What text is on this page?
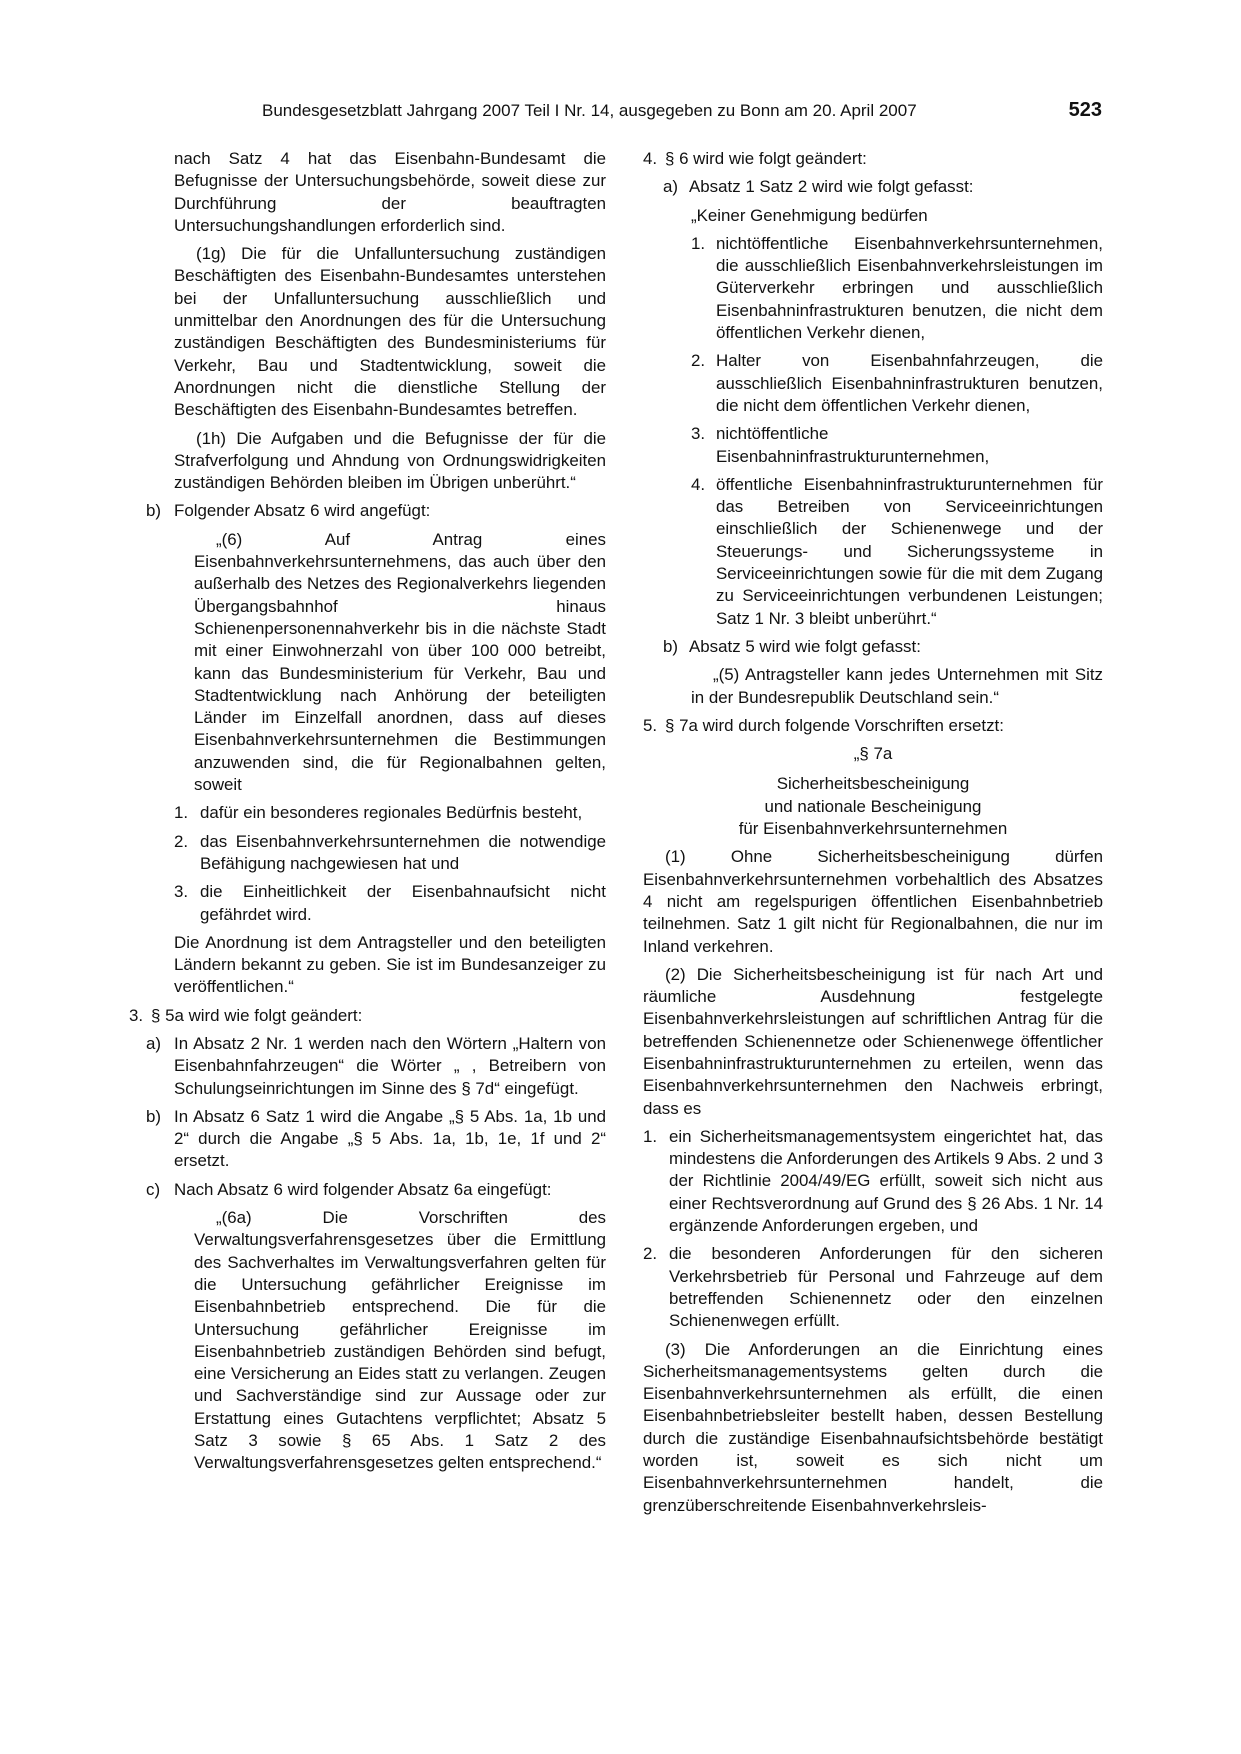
Bundesgesetzblatt Jahrgang 2007 Teil I Nr. 14, ausgegeben zu Bonn am 20. April 2007	523
nach Satz 4 hat das Eisenbahn-Bundesamt die Befugnisse der Untersuchungsbehörde, soweit diese zur Durchführung der beauftragten Untersuchungshandlungen erforderlich sind.
(1g) Die für die Unfalluntersuchung zuständigen Beschäftigten des Eisenbahn-Bundesamtes unterstehen bei der Unfalluntersuchung ausschließlich und unmittelbar den Anordnungen des für die Untersuchung zuständigen Beschäftigten des Bundesministeriums für Verkehr, Bau und Stadtentwicklung, soweit die Anordnungen nicht die dienstliche Stellung der Beschäftigten des Eisenbahn-Bundesamtes betreffen.
(1h) Die Aufgaben und die Befugnisse der für die Strafverfolgung und Ahndung von Ordnungswidrigkeiten zuständigen Behörden bleiben im Übrigen unberührt.“
b) Folgender Absatz 6 wird angefügt:
„(6) Auf Antrag eines Eisenbahnverkehrsunternehmens, das auch über den außerhalb des Netzes des Regionalverkehrs liegenden Übergangsbahnhof hinaus Schienenpersonennahverkehr bis in die nächste Stadt mit einer Einwohnerzahl von über 100 000 betreibt, kann das Bundesministerium für Verkehr, Bau und Stadtentwicklung nach Anhörung der beteiligten Länder im Einzelfall anordnen, dass auf dieses Eisenbahnverkehrsunternehmen die Bestimmungen anzuwenden sind, die für Regionalbahnen gelten, soweit
1. dafür ein besonderes regionales Bedürfnis besteht,
2. das Eisenbahnverkehrsunternehmen die notwendige Befähigung nachgewiesen hat und
3. die Einheitlichkeit der Eisenbahnaufsicht nicht gefährdet wird.
Die Anordnung ist dem Antragsteller und den beteiligten Ländern bekannt zu geben. Sie ist im Bundesanzeiger zu veröffentlichen.“
3. § 5a wird wie folgt geändert:
a) In Absatz 2 Nr. 1 werden nach den Wörtern „Haltern von Eisenbahnfahrzeugen“ die Wörter „ , Betreibern von Schulungseinrichtungen im Sinne des § 7d“ eingefügt.
b) In Absatz 6 Satz 1 wird die Angabe „§ 5 Abs. 1a, 1b und 2“ durch die Angabe „§ 5 Abs. 1a, 1b, 1e, 1f und 2“ ersetzt.
c) Nach Absatz 6 wird folgender Absatz 6a eingefügt:
„(6a) Die Vorschriften des Verwaltungsverfahrensgesetzes über die Ermittlung des Sachverhaltes im Verwaltungsverfahren gelten für die Untersuchung gefährlicher Ereignisse im Eisenbahnbetrieb entsprechend. Die für die Untersuchung gefährlicher Ereignisse im Eisenbahnbetrieb zuständigen Behörden sind befugt, eine Versicherung an Eides statt zu verlangen. Zeugen und Sachverständige sind zur Aussage oder zur Erstattung eines Gutachtens verpflichtet; Absatz 5 Satz 3 sowie § 65 Abs. 1 Satz 2 des Verwaltungsverfahrensgesetzes gelten entsprechend.“
4. § 6 wird wie folgt geändert:
a) Absatz 1 Satz 2 wird wie folgt gefasst:
„Keiner Genehmigung bedürfen
1. nichtöffentliche Eisenbahnverkehrsunternehmen, die ausschließlich Eisenbahnverkehrsleistungen im Güterverkehr erbringen und ausschließlich Eisenbahninfrastrukturen benutzen, die nicht dem öffentlichen Verkehr dienen,
2. Halter von Eisenbahnfahrzeugen, die ausschließlich Eisenbahninfrastrukturen benutzen, die nicht dem öffentlichen Verkehr dienen,
3. nichtöffentliche Eisenbahninfrastrukturunternehmen,
4. öffentliche Eisenbahninfrastrukturunternehmen für das Betreiben von Serviceeinrichtungen einschließlich der Schienenwege und der Steuerungs- und Sicherungssysteme in Serviceeinrichtungen sowie für die mit dem Zugang zu Serviceeinrichtungen verbundenen Leistungen; Satz 1 Nr. 3 bleibt unberührt.“
b) Absatz 5 wird wie folgt gefasst:
„(5) Antragsteller kann jedes Unternehmen mit Sitz in der Bundesrepublik Deutschland sein.“
5. § 7a wird durch folgende Vorschriften ersetzt:
„§ 7a
Sicherheitsbescheinigung
und nationale Bescheinigung
für Eisenbahnverkehrsunternehmen
(1) Ohne Sicherheitsbescheinigung dürfen Eisenbahnverkehrsunternehmen vorbehaltlich des Absatzes 4 nicht am regelspurigen öffentlichen Eisenbahnbetrieb teilnehmen. Satz 1 gilt nicht für Regionalbahnen, die nur im Inland verkehren.
(2) Die Sicherheitsbescheinigung ist für nach Art und räumliche Ausdehnung festgelegte Eisenbahnverkehrsleistungen auf schriftlichen Antrag für die betreffenden Schienennetze oder Schienenwege öffentlicher Eisenbahninfrastrukturunternehmen zu erteilen, wenn das Eisenbahnverkehrsunternehmen den Nachweis erbringt, dass es
1. ein Sicherheitsmanagementsystem eingerichtet hat, das mindestens die Anforderungen des Artikels 9 Abs. 2 und 3 der Richtlinie 2004/49/EG erfüllt, soweit sich nicht aus einer Rechtsverordnung auf Grund des § 26 Abs. 1 Nr. 14 ergänzende Anforderungen ergeben, und
2. die besonderen Anforderungen für den sicheren Verkehrsbetrieb für Personal und Fahrzeuge auf dem betreffenden Schienennetz oder den einzelnen Schienenwegen erfüllt.
(3) Die Anforderungen an die Einrichtung eines Sicherheitsmanagementsystems gelten durch die Eisenbahnverkehrsunternehmen als erfüllt, die einen Eisenbahnbetriebsleiter bestellt haben, dessen Bestellung durch die zuständige Eisenbahnaufsichtsbehörde bestätigt worden ist, soweit es sich nicht um Eisenbahnverkehrsunternehmen handelt, die grenzüberschreitende Eisenbahnverkehrsleis-
